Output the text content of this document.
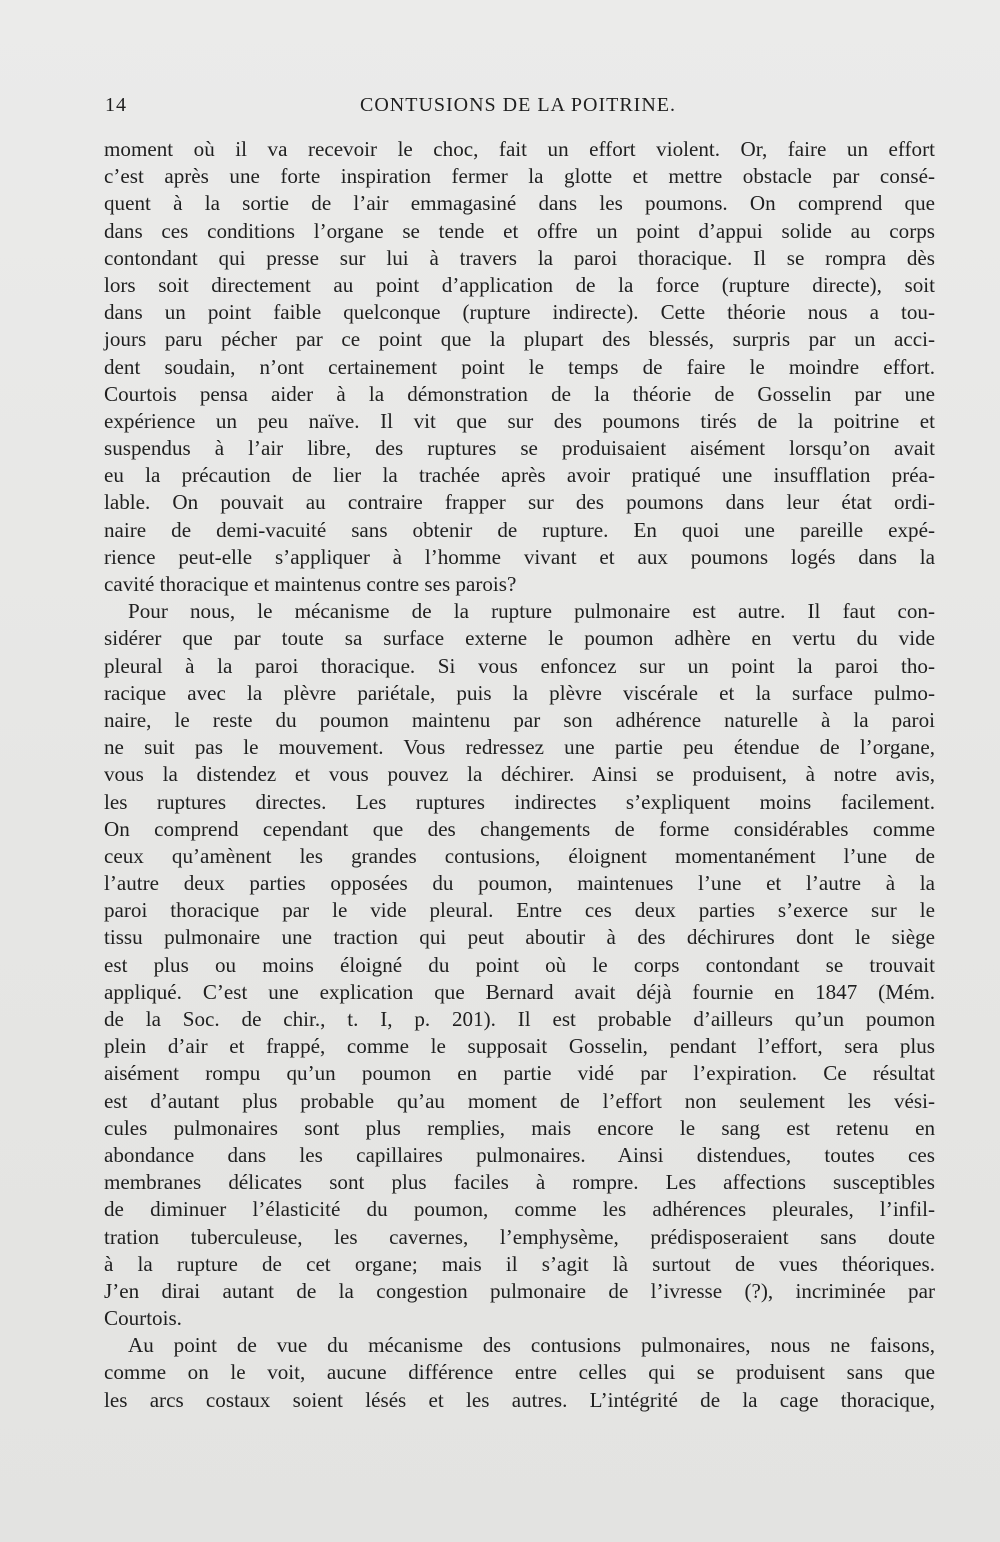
14	CONTUSIONS DE LA POITRINE.
moment où il va recevoir le choc, fait un effort violent. Or, faire un effort
c’est après une forte inspiration fermer la glotte et mettre obstacle par consé-
quent à la sortie de l’air emmagasiné dans les poumons. On comprend que
dans ces conditions l’organe se tende et offre un point d’appui solide au corps
contondant qui presse sur lui à travers la paroi thoracique. Il se rompra dès
lors soit directement au point d’application de la force (rupture directe), soit
dans un point faible quelconque (rupture indirecte). Cette théorie nous a tou-
jours paru pécher par ce point que la plupart des blessés, surpris par un acci-
dent soudain, n’ont certainement point le temps de faire le moindre effort.
Courtois pensa aider à la démonstration de la théorie de Gosselin par une
expérience un peu naïve. Il vit que sur des poumons tirés de la poitrine et
suspendus à l’air libre, des ruptures se produisaient aisément lorsqu’on avait
eu la précaution de lier la trachée après avoir pratiqué une insufflation préa-
lable. On pouvait au contraire frapper sur des poumons dans leur état ordi-
naire de demi-vacuité sans obtenir de rupture. En quoi une pareille expé-
rience peut-elle s’appliquer à l’homme vivant et aux poumons logés dans la
cavité thoracique et maintenus contre ses parois?
Pour nous, le mécanisme de la rupture pulmonaire est autre. Il faut con-
sidérer que par toute sa surface externe le poumon adhère en vertu du vide
pleural à la paroi thoracique. Si vous enfoncez sur un point la paroi tho-
racique avec la plèvre pariétale, puis la plèvre viscérale et la surface pulmo-
naire, le reste du poumon maintenu par son adhérence naturelle à la paroi
ne suit pas le mouvement. Vous redressez une partie peu étendue de l’organe,
vous la distendez et vous pouvez la déchirer. Ainsi se produisent, à notre avis,
les ruptures directes. Les ruptures indirectes s’expliquent moins facilement.
On comprend cependant que des changements de forme considérables comme
ceux qu’amènent les grandes contusions, éloignent momentanément l’une de
l’autre deux parties opposées du poumon, maintenues l’une et l’autre à la
paroi thoracique par le vide pleural. Entre ces deux parties s’exerce sur le
tissu pulmonaire une traction qui peut aboutir à des déchirures dont le siège
est plus ou moins éloigné du point où le corps contondant se trouvait
appliqué. C’est une explication que Bernard avait déjà fournie en 1847 (Mém.
de la Soc. de chir., t. I, p. 201). Il est probable d’ailleurs qu’un poumon
plein d’air et frappé, comme le supposait Gosselin, pendant l’effort, sera plus
aisément rompu qu’un poumon en partie vidé par l’expiration. Ce résultat
est d’autant plus probable qu’au moment de l’effort non seulement les vési-
cules pulmonaires sont plus remplies, mais encore le sang est retenu en
abondance dans les capillaires pulmonaires. Ainsi distendues, toutes ces
membranes délicates sont plus faciles à rompre. Les affections susceptibles
de diminuer l’élasticité du poumon, comme les adhérences pleurales, l’infil-
tration tuberculeuse, les cavernes, l’emphysème, prédisposeraient sans doute
à la rupture de cet organe; mais il s’agit là surtout de vues théoriques.
J’en dirai autant de la congestion pulmonaire de l’ivresse (?), incriminée par
Courtois.
Au point de vue du mécanisme des contusions pulmonaires, nous ne faisons,
comme on le voit, aucune différence entre celles qui se produisent sans que
les arcs costaux soient lésés et les autres. L’intégrité de la cage thoracique,
